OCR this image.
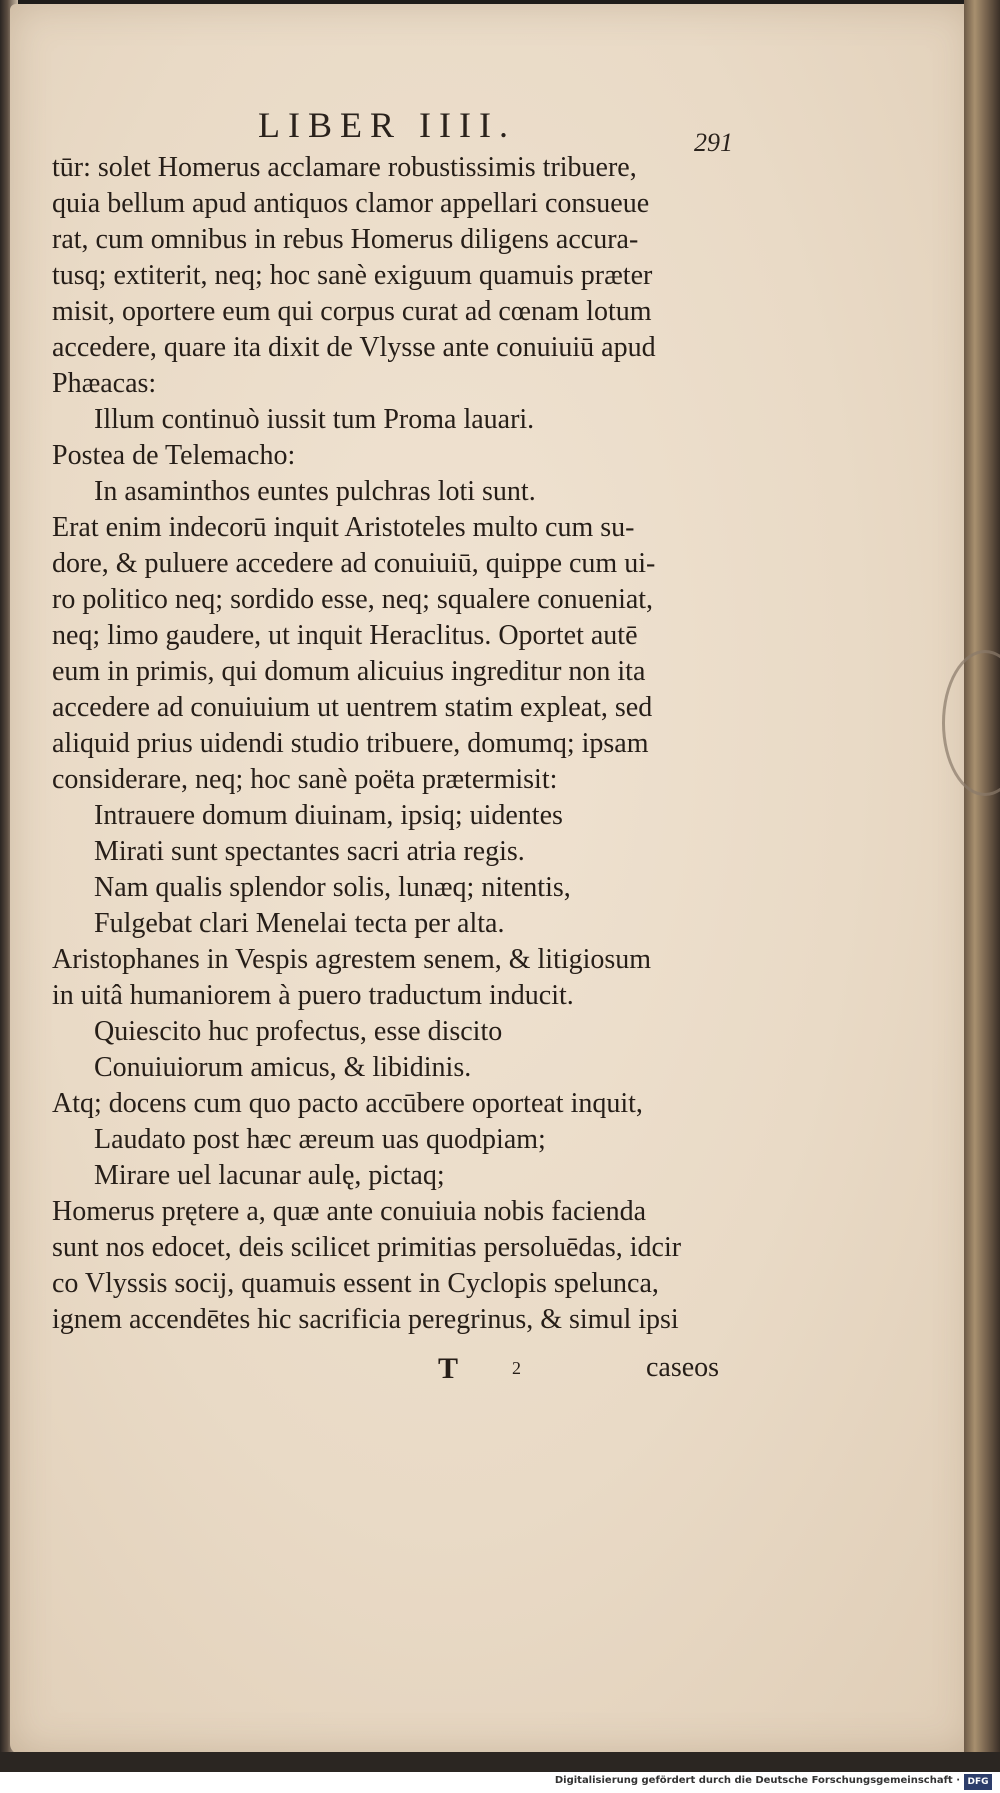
LIBER IIII.	291
tūr: solet Homerus acclamare robustissimis tribuere,
quia bellum apud antiquos clamor appellari consueue
rat, cum omnibus in rebus Homerus diligens accura-
tusq; extiterit, neq; hoc sanè exiguum quamuis præter
misit, oportere eum qui corpus curat ad cœnam lotum
accedere, quare ita dixit de Vlysse ante conuiuiū apud
Phæacas:
Illum continuò iussit tum Proma lauari.
Postea de Telemacho:
In asaminthos euntes pulchras loti sunt.
Erat enim indecorū inquit Aristoteles multo cum su-
dore, & puluere accedere ad conuiuiū, quippe cum ui-
ro politico neq; sordido esse, neq; squalere conueniat,
neq; limo gaudere, ut inquit Heraclitus. Oportet autē
eum in primis, qui domum alicuius ingreditur non ita
accedere ad conuiuium ut uentrem statim expleat, sed
aliquid prius uidendi studio tribuere, domumq; ipsam
considerare, neq; hoc sanè poëta prætermisit:
Intrauere domum diuinam, ipsiq; uidentes
Mirati sunt spectantes sacri atria regis.
Nam qualis splendor solis, lunæq; nitentis,
Fulgebat clari Menelai tecta per alta.
Aristophanes in Vespis agrestem senem, & litigiosum
in uitâ humaniorem à puero traductum inducit.
Quiescito huc profectus, esse discito
Conuiuiorum amicus, & libidinis.
Atq; docens cum quo pacto accūbere oporteat inquit,
Laudato post hæc æreum uas quodpiam;
Mirare uel lacunar aulę, pictaq;
Homerus prętere a, quæ ante conuiuia nobis facienda
sunt nos edocet, deis scilicet primitias persoluēdas, idcir
co Vlyssis socij, quamuis essent in Cyclopis spelunca,
ignem accendētes hic sacrificia peregrinus, & simul ipsi
T	2	caseos
Digitalisierung gefördert durch die Deutsche Forschungsgemeinschaft · DFG
